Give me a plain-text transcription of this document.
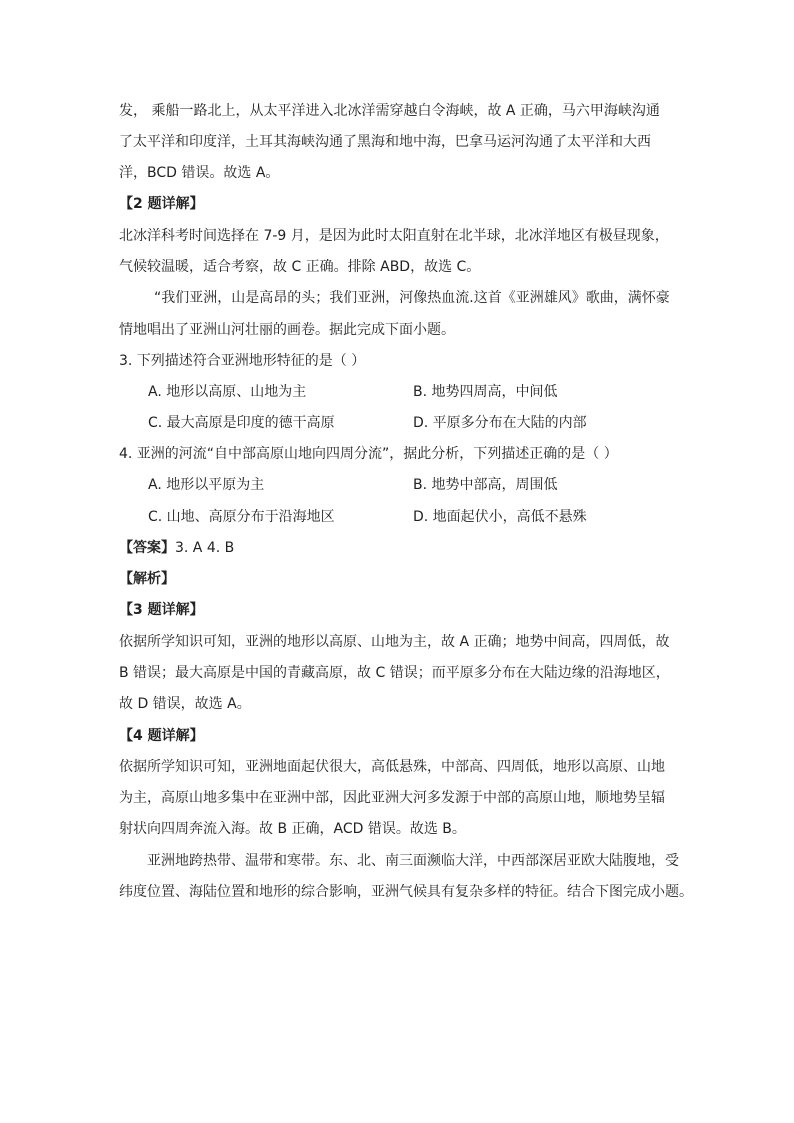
发， 乘船一路北上，从太平洋进入北冰洋需穿越白令海峡，故 A 正确，马六甲海峡沟通
了太平洋和印度洋，土耳其海峡沟通了黑海和地中海，巴拿马运河沟通了太平洋和大西
洋，BCD 错误。故选 A。
【2 题详解】
北冰洋科考时间选择在 7-9 月，是因为此时太阳直射在北半球，北冰洋地区有极昼现象，
气候较温暖，适合考察，故 C 正确。排除 ABD，故选 C。
“我们亚洲，山是高昂的头；我们亚洲，河像热血流.这首《亚洲雄风》歌曲，满怀豪
情地唱出了亚洲山河壮丽的画卷。据此完成下面小题。
3. 下列描述符合亚洲地形特征的是（ ）
A. 地形以高原、山地为主	B. 地势四周高，中间低
C. 最大高原是印度的德干高原	D. 平原多分布在大陆的内部
4. 亚洲的河流“自中部高原山地向四周分流”，据此分析，下列描述正确的是（ ）
A. 地形以平原为主	B. 地势中部高，周围低
C. 山地、高原分布于沿海地区	D. 地面起伏小，高低不悬殊
【答案】3. A 4. B
【解析】
【3 题详解】
依据所学知识可知，亚洲的地形以高原、山地为主，故 A 正确；地势中间高，四周低，故
B 错误；最大高原是中国的青藏高原，故 C 错误；而平原多分布在大陆边缘的沿海地区，
故 D 错误，故选 A。
【4 题详解】
依据所学知识可知，亚洲地面起伏很大，高低悬殊，中部高、四周低，地形以高原、山地
为主，高原山地多集中在亚洲中部，因此亚洲大河多发源于中部的高原山地，顺地势呈辐
射状向四周奔流入海。故 B 正确，ACD 错误。故选 B。
亚洲地跨热带、温带和寒带。东、北、南三面濒临大洋，中西部深居亚欧大陆腹地，受
纬度位置、海陆位置和地形的综合影响，亚洲气候具有复杂多样的特征。结合下图完成小题。
